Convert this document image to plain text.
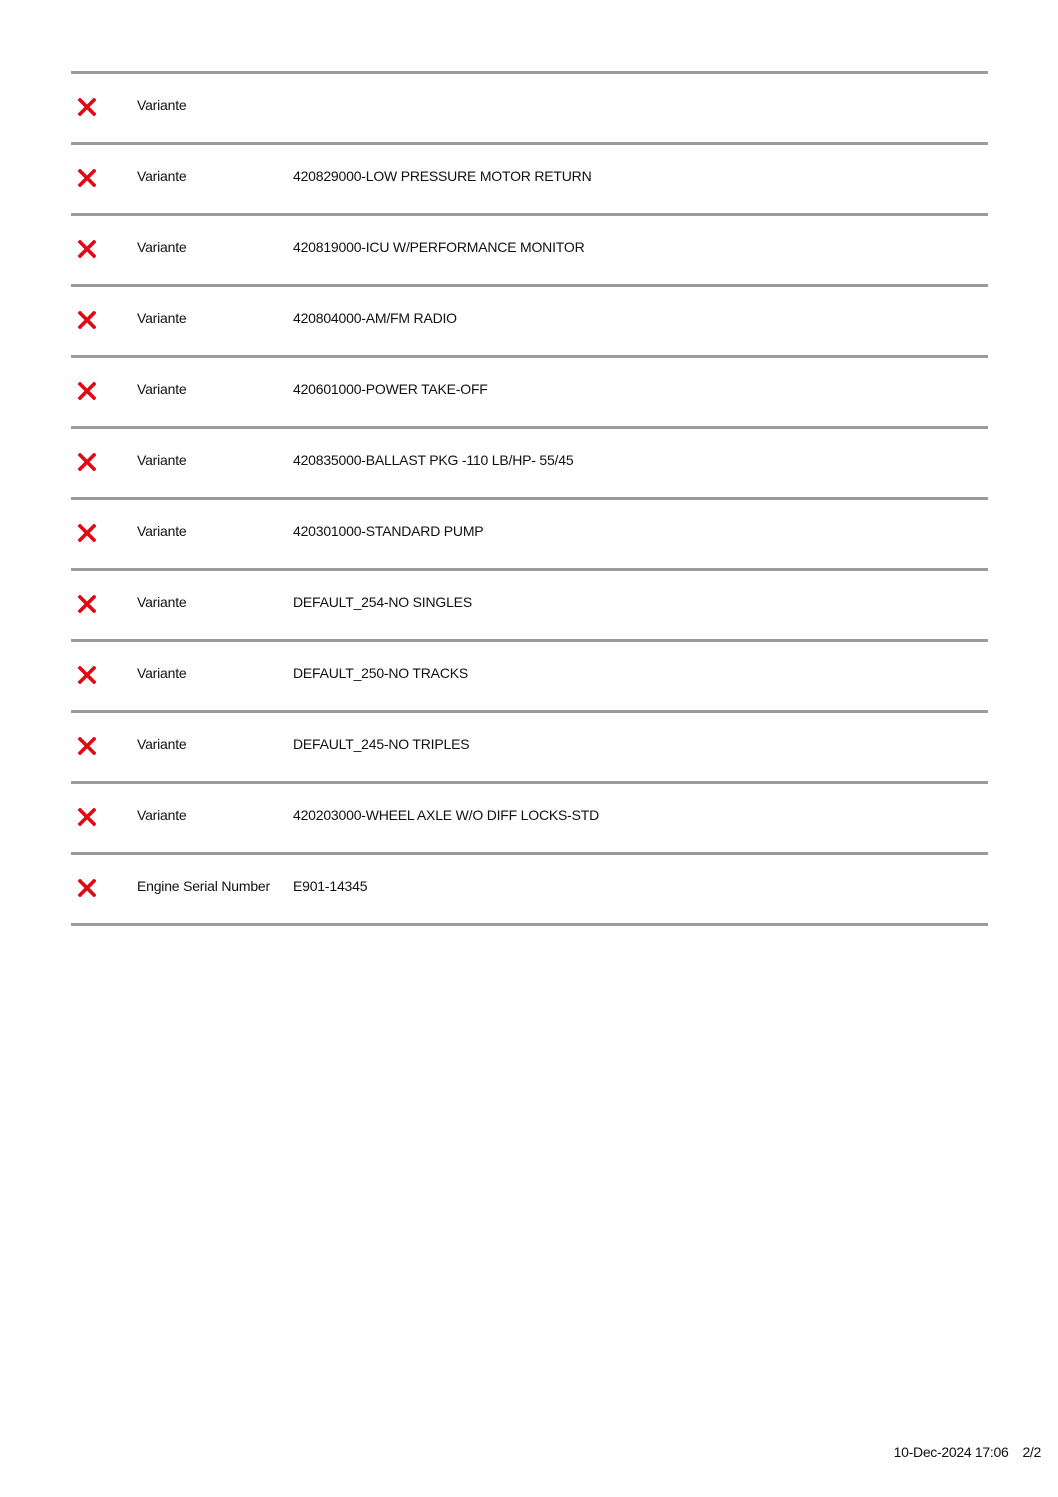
Variante
Variante	420829000-LOW PRESSURE MOTOR RETURN
Variante	420819000-ICU W/PERFORMANCE MONITOR
Variante	420804000-AM/FM RADIO
Variante	420601000-POWER TAKE-OFF
Variante	420835000-BALLAST PKG -110 LB/HP- 55/45
Variante	420301000-STANDARD PUMP
Variante	DEFAULT_254-NO SINGLES
Variante	DEFAULT_250-NO TRACKS
Variante	DEFAULT_245-NO TRIPLES
Variante	420203000-WHEEL AXLE W/O DIFF LOCKS-STD
Engine Serial Number E901-14345
10-Dec-2024 17:06 2/2
